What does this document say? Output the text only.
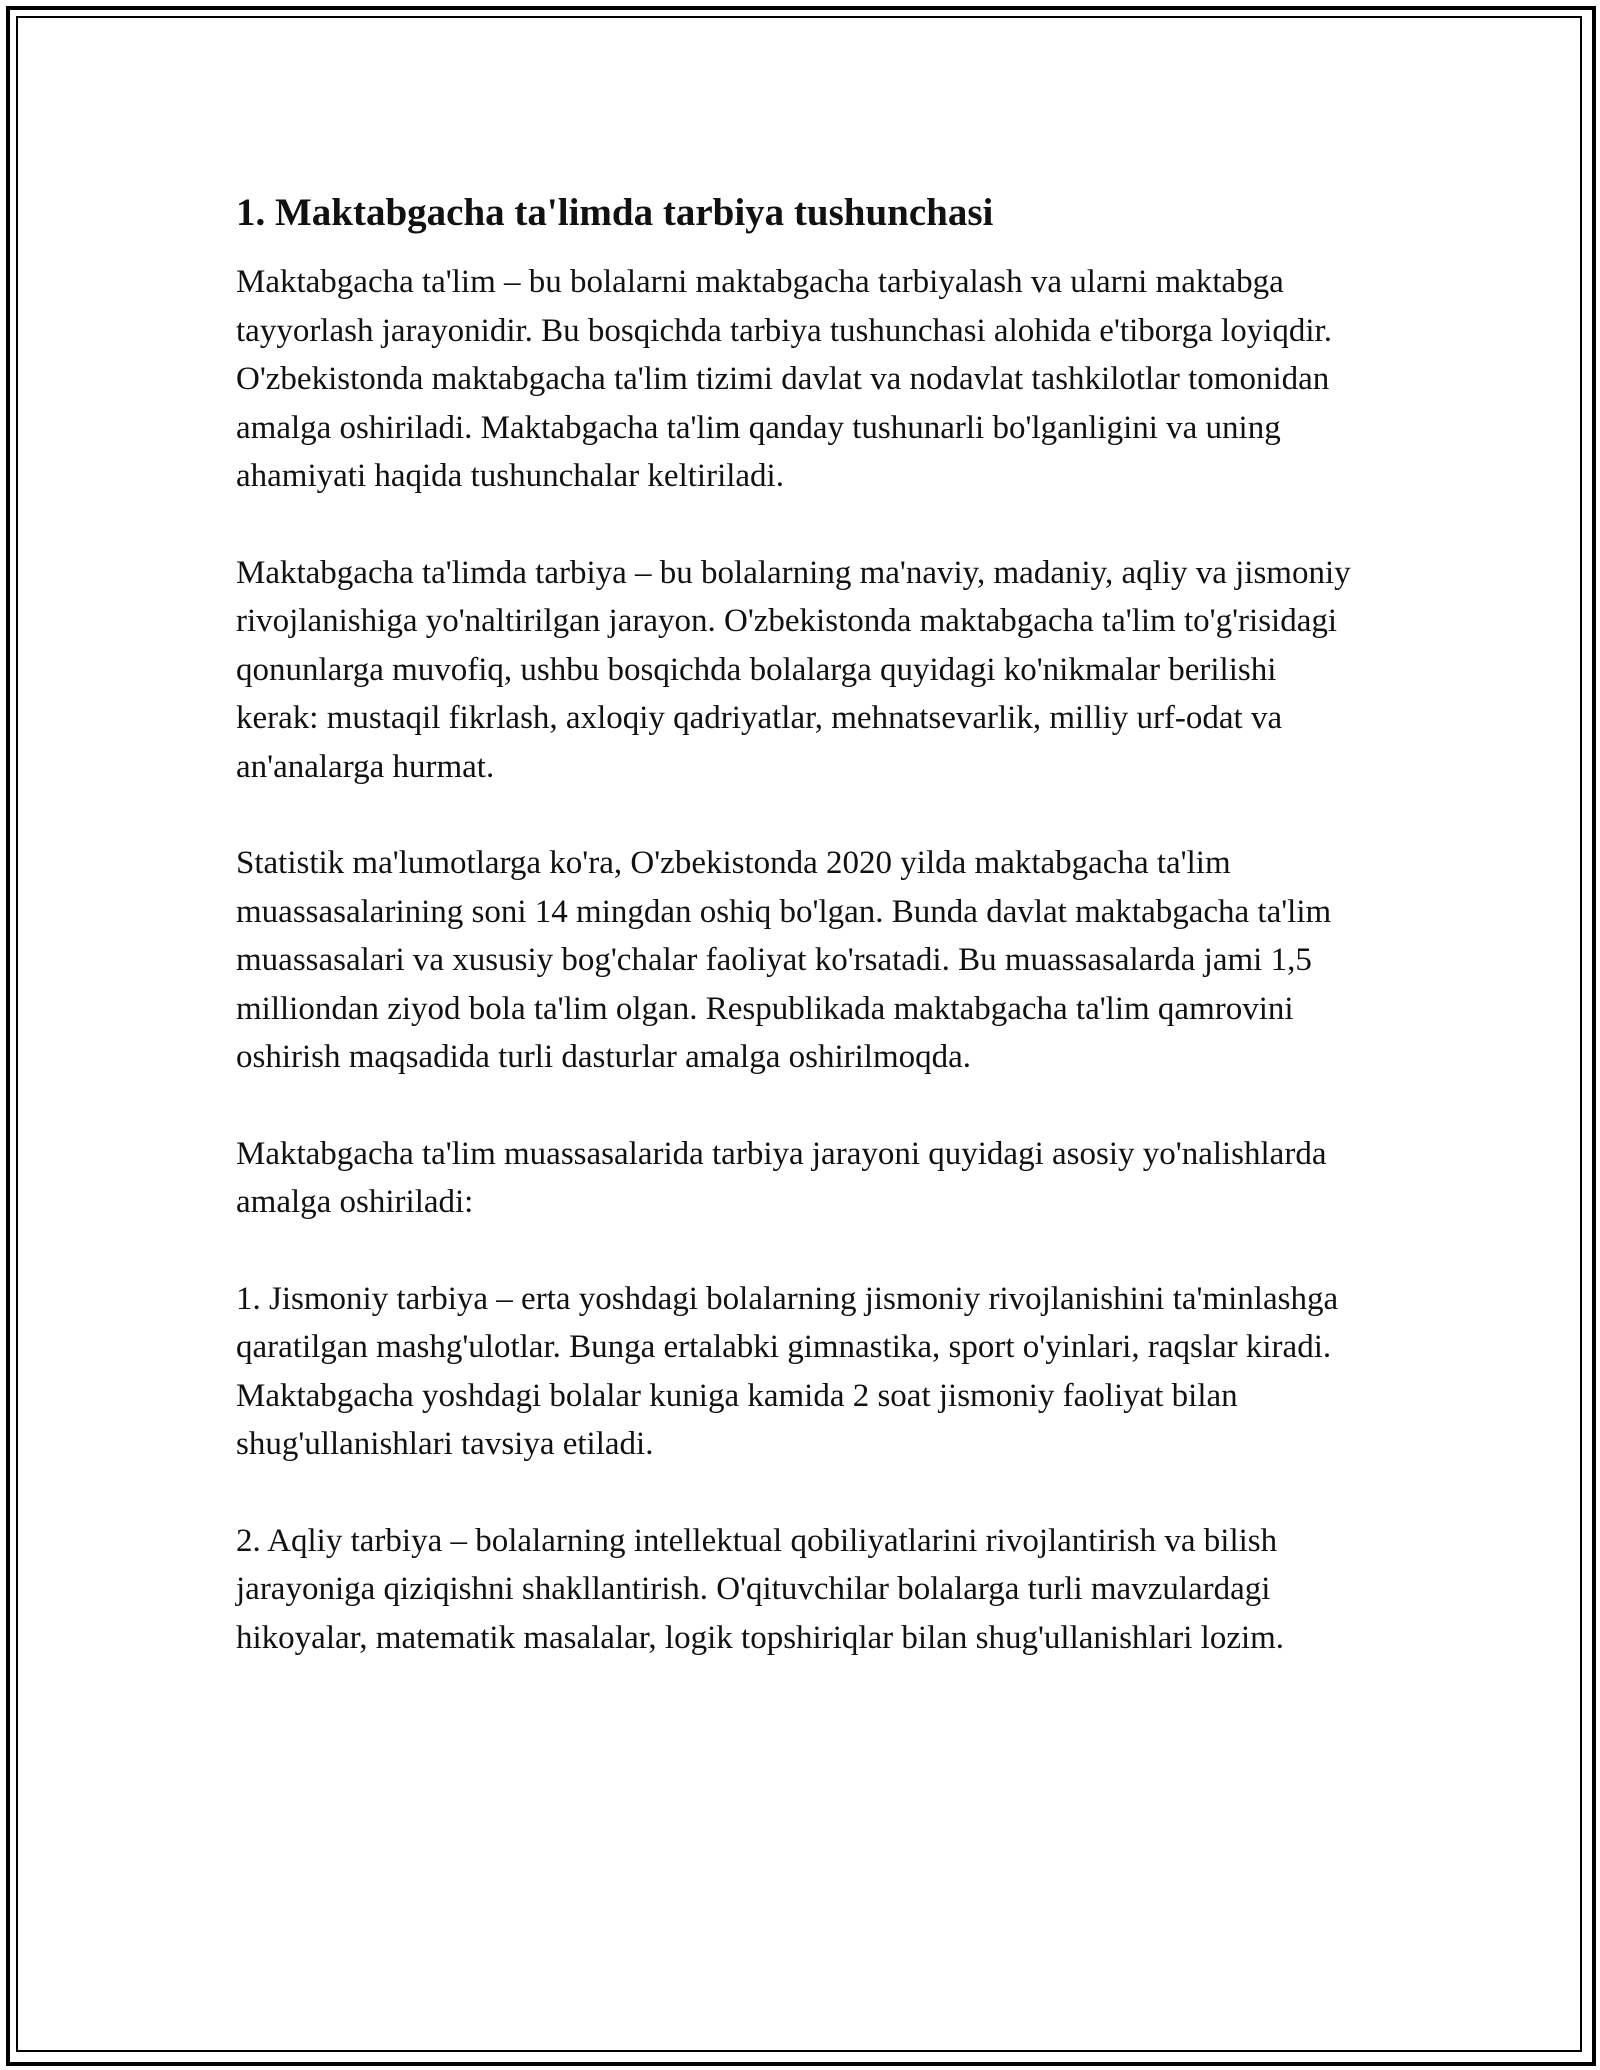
1. Maktabgacha ta'limda tarbiya tushunchasi

Maktabgacha ta'lim – bu bolalarni maktabgacha tarbiyalash va ularni maktabga tayyorlash jarayonidir. Bu bosqichda tarbiya tushunchasi alohida e'tiborga loyiqdir. O'zbekistonda maktabgacha ta'lim tizimi davlat va nodavlat tashkilotlar tomonidan amalga oshiriladi. Maktabgacha ta'lim qanday tushunarli bo'lganligini va uning ahamiyati haqida tushunchalar keltiriladi.

Maktabgacha ta'limda tarbiya – bu bolalarning ma'naviy, madaniy, aqliy va jismoniy rivojlanishiga yo'naltirilgan jarayon. O'zbekistonda maktabgacha ta'lim to'g'risidagi qonunlarga muvofiq, ushbu bosqichda bolalarga quyidagi ko'nikmalar berilishi kerak: mustaqil fikrlash, axloqiy qadriyatlar, mehnatsevarlik, milliy urf-odat va an'analarga hurmat.

Statistik ma'lumotlarga ko'ra, O'zbekistonda 2020 yilda maktabgacha ta'lim muassasalarining soni 14 mingdan oshiq bo'lgan. Bunda davlat maktabgacha ta'lim muassasalari va xususiy bog'chalar faoliyat ko'rsatadi. Bu muassasalarda jami 1,5 milliondan ziyod bola ta'lim olgan. Respublikada maktabgacha ta'lim qamrovini oshirish maqsadida turli dasturlar amalga oshirilmoqda.

Maktabgacha ta'lim muassasalarida tarbiya jarayoni quyidagi asosiy yo'nalishlarda amalga oshiriladi:

1. Jismoniy tarbiya – erta yoshdagi bolalarning jismoniy rivojlanishini ta'minlashga qaratilgan mashg'ulotlar. Bunga ertalabki gimnastika, sport o'yinlari, raqslar kiradi. Maktabgacha yoshdagi bolalar kuniga kamida 2 soat jismoniy faoliyat bilan shug'ullanishlari tavsiya etiladi.

2. Aqliy tarbiya – bolalarning intellektual qobiliyatlarini rivojlantirish va bilish jarayoniga qiziqishni shakllantirish. O'qituvchilar bolalarga turli mavzulardagi hikoyalar, matematik masalalar, logik topshiriqlar bilan shug'ullanishlari lozim.
